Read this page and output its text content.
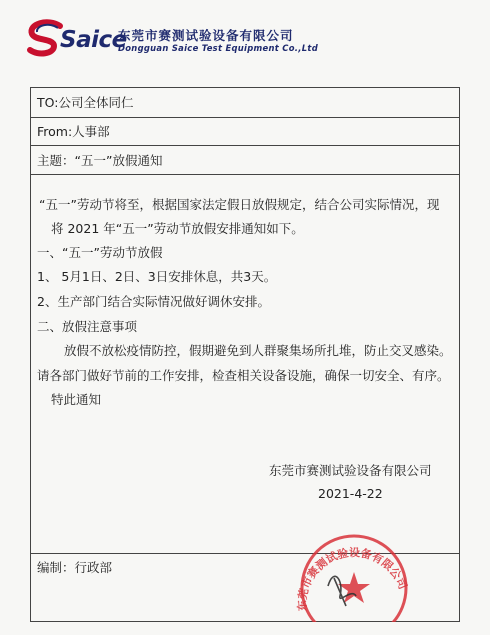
Saice
东莞市赛测试验设备有限公司
Dongguan Saice Test Equipment Co.,Ltd
TO:公司全体同仁
From:人事部
主题：“五一”放假通知
“五一”劳动节将至，根据国家法定假日放假规定，结合公司实际情况，现
将 2021 年“五一”劳动节放假安排通知如下。
一、“五一”劳动节放假
1、 5月1日、2日、3日安排休息，共3天。
2、生产部门结合实际情况做好调休安排。
二、放假注意事项
放假不放松疫情防控，假期避免到人群聚集场所扎堆，防止交叉感染。
请各部门做好节前的工作安排，检查相关设备设施，确保一切安全、有序。
特此通知
东莞市赛测试验设备有限公司
2021-4-22
编制：行政部
东莞市赛测试验设备有限公司
